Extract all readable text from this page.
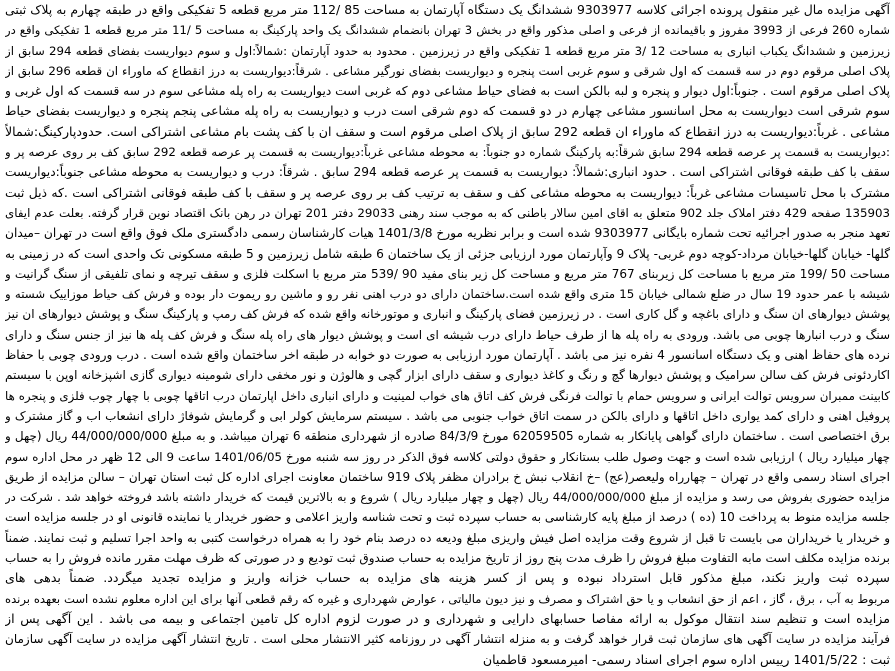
آگهی مزایده مال غیر منقول پرونده اجرائی کلاسه 9303977 ششدانگ یک دستگاه آپارتمان به مساحت 85 /112 متر مربع قطعه 5 تفکیکی واقع در طبقه چهارم به پلاک ثبتی
شماره 260 فرعی از 3993 مفروز و باقیمانده از فرعی و اصلی مذکور واقع در بخش 3 تهران بانضمام ششدانگ یک واحد پارکینگ به مساحت 5 /11 متر مربع قطعه 1 تفکیکی واقع در
زیرزمین و ششدانگ یکباب انباری به مساحت 12 /3 متر مربع قطعه 1 تفکیکی واقع در زیرزمین . محدود به حدود آپارتمان :شمالاً:اول و سوم دیواریست بفضای قطعه 294 سابق از
پلاک اصلی مرقوم دوم در سه قسمت که اول شرقی و سوم غربی است پنجره و دیواریست بفضای نورگیر مشاعی . شرقاً:دیواریست به درز انقطاع که ماوراء ان قطعه 296 سابق از
پلاک اصلی مرقوم است . جنوباً:اول دیوار و پنجره و لبه بالکن است به فضای حیاط مشاعی دوم که غربی است دیواریست به راه پله مشاعی سوم در سه قسمت که اول غربی و
سوم شرقی است دیواریست به محل اسانسور مشاعی چهارم در دو قسمت که دوم شرقی است درب و دیواریست به راه پله مشاعی پنجم پنجره و دیواریست بفضای حیاط
مشاعی . غرباً:دیواریست به درز انقطاع که ماوراء ان قطعه 292 سابق از پلاک اصلی مرقوم است و سقف ان با کف پشت بام مشاعی اشتراکی است. حدودپارکینگ:شمالاً
:دیواریست به قسمت پر عرصه قطعه 294 سابق شرقاً:به پارکینگ شماره دو جنوباً: به محوطه مشاعی غرباً:دیواریست به قسمت پر عرصه قطعه 292 سابق کف بر روی عرصه پر و
سقف با کف طبقه فوقانی اشتراکی است . حدود انباری:شمالاً: دیواریست به قسمت پر عرصه قطعه 294 سابق . شرقاً: درب و دیواریست به محوطه مشاعی جنوباً:دیواریست
مشترک با محل تاسیسات مشاعی غرباً: دیواریست به محوطه مشاعی کف و سقف به ترتیب کف بر روی عرصه پر و سقف با کف طبقه فوقانی اشتراکی است .که ذیل ثبت
135903 صفحه 429 دفتر املاک جلد 902 متعلق به اقای امین سالار باطنی که به موجب سند رهنی 29033 دفتر 201 تهران در رهن بانک اقتصاد نوین قرار گرفته. بعلت عدم ایفای
تعهد منجر به صدور اجرائیه تحت شماره بایگانی 9303977 شده است و برابر نظریه مورخ 1401/3/8 هیات کارشناسان رسمی دادگستری ملک فوق واقع است در تهران –میدان
گلها- خیابان گلها-خیابان مرداد-کوچه دوم غربی- پلاک 9 وآپارتمان مورد ارزیابی جزئی از یک ساختمان 6 طبقه شامل زیرزمین و 5 طبقه مسکونی تک واحدی است که در زمینی به
مساحت 50 /199 متر مربع با مساحت کل زیربنای 767 متر مربع و مساحت کل زیر بنای مفید 90 /539 متر مربع با اسکلت فلزی و سقف تیرچه و نمای تلفیقی از سنگ گرانیت و
شیشه با عمر حدود 19 سال در ضلع شمالی خیابان 15 متری واقع شده است.ساختمان دارای دو درب اهنی نفر رو و ماشین رو ریموت دار بوده و فرش کف حیاط موزاییک شسته و
پوشش دیوارهای ان سنگ و دارای باغچه و گل کاری است . در زیرزمین فضای پارکینگ و انباری و موتورخانه واقع شده که فرش کف رمپ و پارکینگ سنگ و پوشش دیوارهای ان نیز
سنگ و درب انبارها چوبی می باشد. ورودی به راه پله ها از طرف حیاط دارای درب شیشه ای است و پوشش دیوار های راه پله سنگ و فرش کف پله ها نیز از جنس سنگ و دارای
نرده های حفاظ اهنی و یک دستگاه اسانسور 4 نفره نیز می باشد . آپارتمان مورد ارزیابی به صورت دو خوابه در طبقه اخر ساختمان واقع شده است . درب ورودی چوبی با حفاظ
اکاردئونی فرش کف سالن سرامیک و پوشش دیوارها گچ و رنگ و کاغذ دیواری و سقف دارای ابزار گچی و هالوژن و نور مخفی دارای شومینه دیواری گازی اشپزخانه اوپن با سیستم
کابینت ممبران سرویس توالت ایرانی و سرویس حمام با توالت فرنگی فرش کف اتاق های خواب لمینیت و دارای انباری داخل اپارتمان درب اتاقها چوبی با چهار چوب فلزی و پنجره ها
پروفیل اهنی و دارای کمد یواری داخل اتاقها و دارای بالکن در سمت اتاق خواب جنوبی می باشد . سیستم سرمایش کولر ابی و گرمایش شوفاژ دارای انشعاب اب و گاز مشترک و
برق اختصاصی است . ساختمان دارای گواهی پایانکار به شماره 62059505 مورخ 84/3/9 صادره از شهرداری منطقه 6 تهران میباشد. و به مبلغ 44/000/000/000 ریال (چهل و
چهار میلیارد ریال ) ارزیابی شده است و جهت وصول طلب بستانکار و حقوق دولتی کلاسه فوق الذکر در روز سه شنبه مورخ 1401/06/05 ساعت 9 الی 12 ظهر در محل اداره سوم
اجرای اسناد رسمی واقع در تهران – چهارراه ولیعصر(عج) –خ انقلاب نبش خ برادران مظفر پلاک 919 ساختمان معاونت اجرای اداره کل ثبت استان تهران – سالن مزایده از طریق
مزایده حضوری بفروش می رسد و مزایده از مبلغ 44/000/000/000 ریال (چهل و چهار میلیارد ریال ) شروع و به بالاترین قیمت که خریدار داشته باشد فروخته خواهد شد . شرکت در
جلسه مزایده منوط به پرداخت 10 (ده ) درصد از مبلغ پایه کارشناسی به حساب سپرده ثبت و تحت شناسه واریز اعلامی و حضور خریدار یا نماینده قانونی او در جلسه مزایده است
و خریدار یا خریداران می بایست تا قبل از شروع وقت مزایده اصل فیش واریزی مبلغ ودیعه ده درصد بنام خود را به همراه درخواست کتبی به واحد اجرا تسلیم و ثبت نمایند. ضمناً
برنده مزایده مکلف است مابه التفاوت مبلغ فروش را ظرف مدت پنج روز از تاریخ مزایده به حساب صندوق ثبت تودیع و در صورتی که ظرف مهلت مقرر مانده فروش را به حساب
سپرده ثبت واریز نکند، مبلغ مذکور قابل استرداد نبوده و پس از کسر هزینه های مزایده به حساب خزانه واریز و مزایده تجدید میگردد. ضمناً بدهی های
مربوط به آب ، برق ، گاز ، اعم از حق انشعاب و یا حق اشتراک و مصرف و نیز دیون مالیاتی ، عوارض شهرداری و غیره که رقم قطعی آنها برای این اداره معلوم نشده است بعهده برنده
مزایده است و تنظیم سند انتقال موکول به ارائه مفاصا حسابهای دارایی و شهرداری و در صورت لزوم اداره کل تامین اجتماعی و بیمه می باشد . این آگهی پس از
فرآیند مزایده در سایت آگهی های سازمان ثبت قرار خواهد گرفت و به منزله انتشار آگهی در روزنامه کثیر الانتشار محلی است . تاریخ انتشار آگهی مزایده در سایت آگهی سازمان
ثبت : 1401/5/22 رییس اداره سوم اجرای اسناد رسمی- امیرمسعود قاطمیان
